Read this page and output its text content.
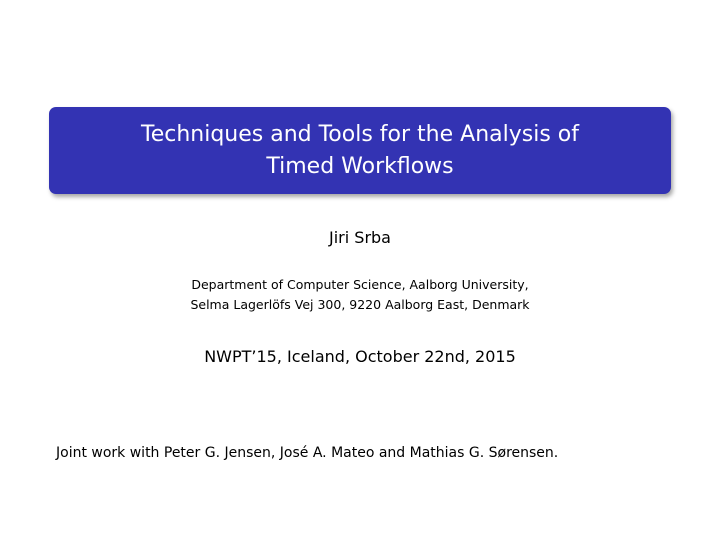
Techniques and Tools for the Analysis of
Timed Workflows
Jiri Srba
Department of Computer Science, Aalborg University,
Selma Lagerlöfs Vej 300, 9220 Aalborg East, Denmark
NWPT’15, Iceland, October 22nd, 2015
Joint work with Peter G. Jensen, José A. Mateo and Mathias G. Sørensen.
